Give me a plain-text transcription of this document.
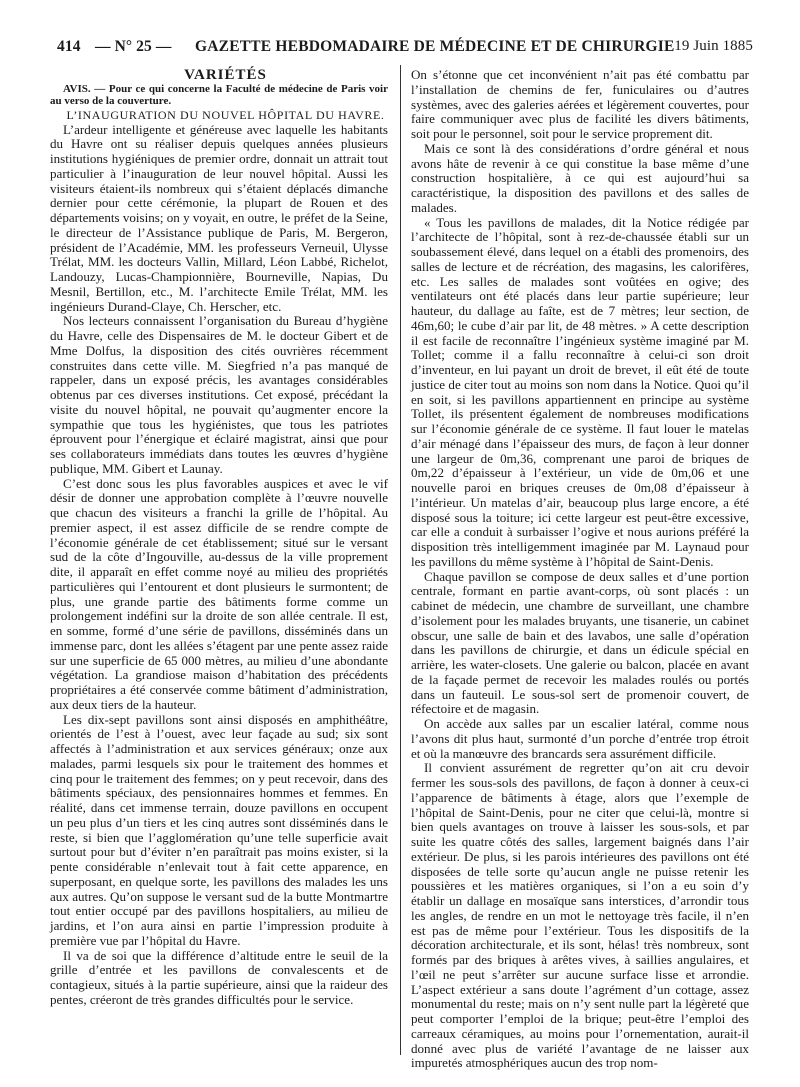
414 — N° 25 — GAZETTE HEBDOMADAIRE DE MÉDECINE ET DE CHIRURGIE 19 Juin 1885

VARIÉTÉS

AVIS. — Pour ce qui concerne la Faculté de médecine de Paris voir au verso de la couverture.

L’INAUGURATION DU NOUVEL HÔPITAL DU HAVRE.

L’ardeur intelligente et généreuse avec laquelle les habitants du Havre ont su réaliser depuis quelques années plusieurs institutions hygiéniques de premier ordre, donnait un attrait tout particulier à l’inauguration de leur nouvel hôpital. Aussi les visiteurs étaient-ils nombreux qui s’étaient déplacés dimanche dernier pour cette cérémonie, la plupart de Rouen et des départements voisins; on y voyait, en outre, le préfet de la Seine, le directeur de l’Assistance publique de Paris, M. Bergeron, président de l’Académie, MM. les professeurs Verneuil, Ulysse Trélat, MM. les docteurs Vallin, Millard, Léon Labbé, Richelot, Landouzy, Lucas-Championnière, Bourneville, Napias, Du Mesnil, Bertillon, etc., M. l’architecte Emile Trélat, MM. les ingénieurs Durand-Claye, Ch. Herscher, etc.

Nos lecteurs connaissent l’organisation du Bureau d’hygiène du Havre, celle des Dispensaires de M. le docteur Gibert et de Mme Dolfus, la disposition des cités ouvrières récemment construites dans cette ville. M. Siegfried n’a pas manqué de rappeler, dans un exposé précis, les avantages considérables obtenus par ces diverses institutions. Cet exposé, précédant la visite du nouvel hôpital, ne pouvait qu’augmenter encore la sympathie que tous les hygiénistes, que tous les patriotes éprouvent pour l’énergique et éclairé magistrat, ainsi que pour ses collaborateurs immédiats dans toutes les œuvres d’hygiène publique, MM. Gibert et Launay.

C’est donc sous les plus favorables auspices et avec le vif désir de donner une approbation complète à l’œuvre nouvelle que chacun des visiteurs a franchi la grille de l’hôpital. Au premier aspect, il est assez difficile de se rendre compte de l’économie générale de cet établissement; situé sur le versant sud de la côte d’Ingouville, au-dessus de la ville proprement dite, il apparaît en effet comme noyé au milieu des propriétés particulières qui l’entourent et dont plusieurs le surmontent; de plus, une grande partie des bâtiments forme comme un prolongement indéfini sur la droite de son allée centrale. Il est, en somme, formé d’une série de pavillons, disséminés dans un immense parc, dont les allées s’étagent par une pente assez raide sur une superficie de 65 000 mètres, au milieu d’une abondante végétation. La grandiose maison d’habitation des précédents propriétaires a été conservée comme bâtiment d’administration, aux deux tiers de la hauteur.

Les dix-sept pavillons sont ainsi disposés en amphithéâtre, orientés de l’est à l’ouest, avec leur façade au sud; six sont affectés à l’administration et aux services généraux; onze aux malades, parmi lesquels six pour le traitement des hommes et cinq pour le traitement des femmes; on y peut recevoir, dans des bâtiments spéciaux, des pensionnaires hommes et femmes. En réalité, dans cet immense terrain, douze pavillons en occupent un peu plus d’un tiers et les cinq autres sont disséminés dans le reste, si bien que l’agglomération qu’une telle superficie avait surtout pour but d’éviter n’en paraîtrait pas moins exister, si la pente considérable n’enlevait tout à fait cette apparence, en superposant, en quelque sorte, les pavillons des malades les uns aux autres. Qu’on suppose le versant sud de la butte Montmartre tout entier occupé par des pavillons hospitaliers, au milieu de jardins, et l’on aura ainsi en partie l’impression produite à première vue par l’hôpital du Havre.

Il va de soi que la différence d’altitude entre le seuil de la grille d’entrée et les pavillons de convalescents et de contagieux, situés à la partie supérieure, ainsi que la raideur des pentes, créeront de très grandes difficultés pour le service.

On s’étonne que cet inconvénient n’ait pas été combattu par l’installation de chemins de fer, funiculaires ou d’autres systèmes, avec des galeries aérées et légèrement couvertes, pour faire communiquer avec plus de facilité les divers bâtiments, soit pour le personnel, soit pour le service proprement dit.

Mais ce sont là des considérations d’ordre général et nous avons hâte de revenir à ce qui constitue la base même d’une construction hospitalière, à ce qui est aujourd’hui sa caractéristique, la disposition des pavillons et des salles de malades.

« Tous les pavillons de malades, dit la Notice rédigée par l’architecte de l’hôpital, sont à rez-de-chaussée établi sur un soubassement élevé, dans lequel on a établi des promenoirs, des salles de lecture et de récréation, des magasins, les calorifères, etc. Les salles de malades sont voûtées en ogive; des ventilateurs ont été placés dans leur partie supérieure; leur hauteur, du dallage au faîte, est de 7 mètres; leur section, de 46m,60; le cube d’air par lit, de 48 mètres. » A cette description il est facile de reconnaître l’ingénieux système imaginé par M. Tollet; comme il a fallu reconnaître à celui-ci son droit d’inventeur, en lui payant un droit de brevet, il eût été de toute justice de citer tout au moins son nom dans la Notice. Quoi qu’il en soit, si les pavillons appartiennent en principe au système Tollet, ils présentent également de nombreuses modifications sur l’économie générale de ce système. Il faut louer le matelas d’air ménagé dans l’épaisseur des murs, de façon à leur donner une largeur de 0m,36, comprenant une paroi de briques de 0m,22 d’épaisseur à l’extérieur, un vide de 0m,06 et une nouvelle paroi en briques creuses de 0m,08 d’épaisseur à l’intérieur. Un matelas d’air, beaucoup plus large encore, a été disposé sous la toiture; ici cette largeur est peut-être excessive, car elle a conduit à surbaisser l’ogive et nous aurions préféré la disposition très intelligemment imaginée par M. Laynaud pour les pavillons du même système à l’hôpital de Saint-Denis.

Chaque pavillon se compose de deux salles et d’une portion centrale, formant en partie avant-corps, où sont placés : un cabinet de médecin, une chambre de surveillant, une chambre d’isolement pour les malades bruyants, une tisanerie, un cabinet obscur, une salle de bain et des lavabos, une salle d’opération dans les pavillons de chirurgie, et dans un édicule spécial en arrière, les water-closets. Une galerie ou balcon, placée en avant de la façade permet de recevoir les malades roulés ou portés dans un fauteuil. Le sous-sol sert de promenoir couvert, de réfectoire et de magasin.

On accède aux salles par un escalier latéral, comme nous l’avons dit plus haut, surmonté d’un porche d’entrée trop étroit et où la manœuvre des brancards sera assurément difficile.

Il convient assurément de regretter qu’on ait cru devoir fermer les sous-sols des pavillons, de façon à donner à ceux-ci l’apparence de bâtiments à étage, alors que l’exemple de l’hôpital de Saint-Denis, pour ne citer que celui-là, montre si bien quels avantages on trouve à laisser les sous-sols, et par suite les quatre côtés des salles, largement baignés dans l’air extérieur. De plus, si les parois intérieures des pavillons ont été disposées de telle sorte qu’aucun angle ne puisse retenir les poussières et les matières organiques, si l’on a eu soin d’y établir un dallage en mosaïque sans interstices, d’arrondir tous les angles, de rendre en un mot le nettoyage très facile, il n’en est pas de même pour l’extérieur. Tous les dispositifs de la décoration architecturale, et ils sont, hélas! très nombreux, sont formés par des briques à arêtes vives, à saillies angulaires, et l’œil ne peut s’arrêter sur aucune surface lisse et arrondie. L’aspect extérieur a sans doute l’agrément d’un cottage, assez monumental du reste; mais on n’y sent nulle part la légèreté que peut comporter l’emploi de la brique; peut-être l’emploi des carreaux céramiques, au moins pour l’ornementation, aurait-il donné avec plus de variété l’avantage de ne laisser aux impuretés atmosphériques aucun des trop nom-
